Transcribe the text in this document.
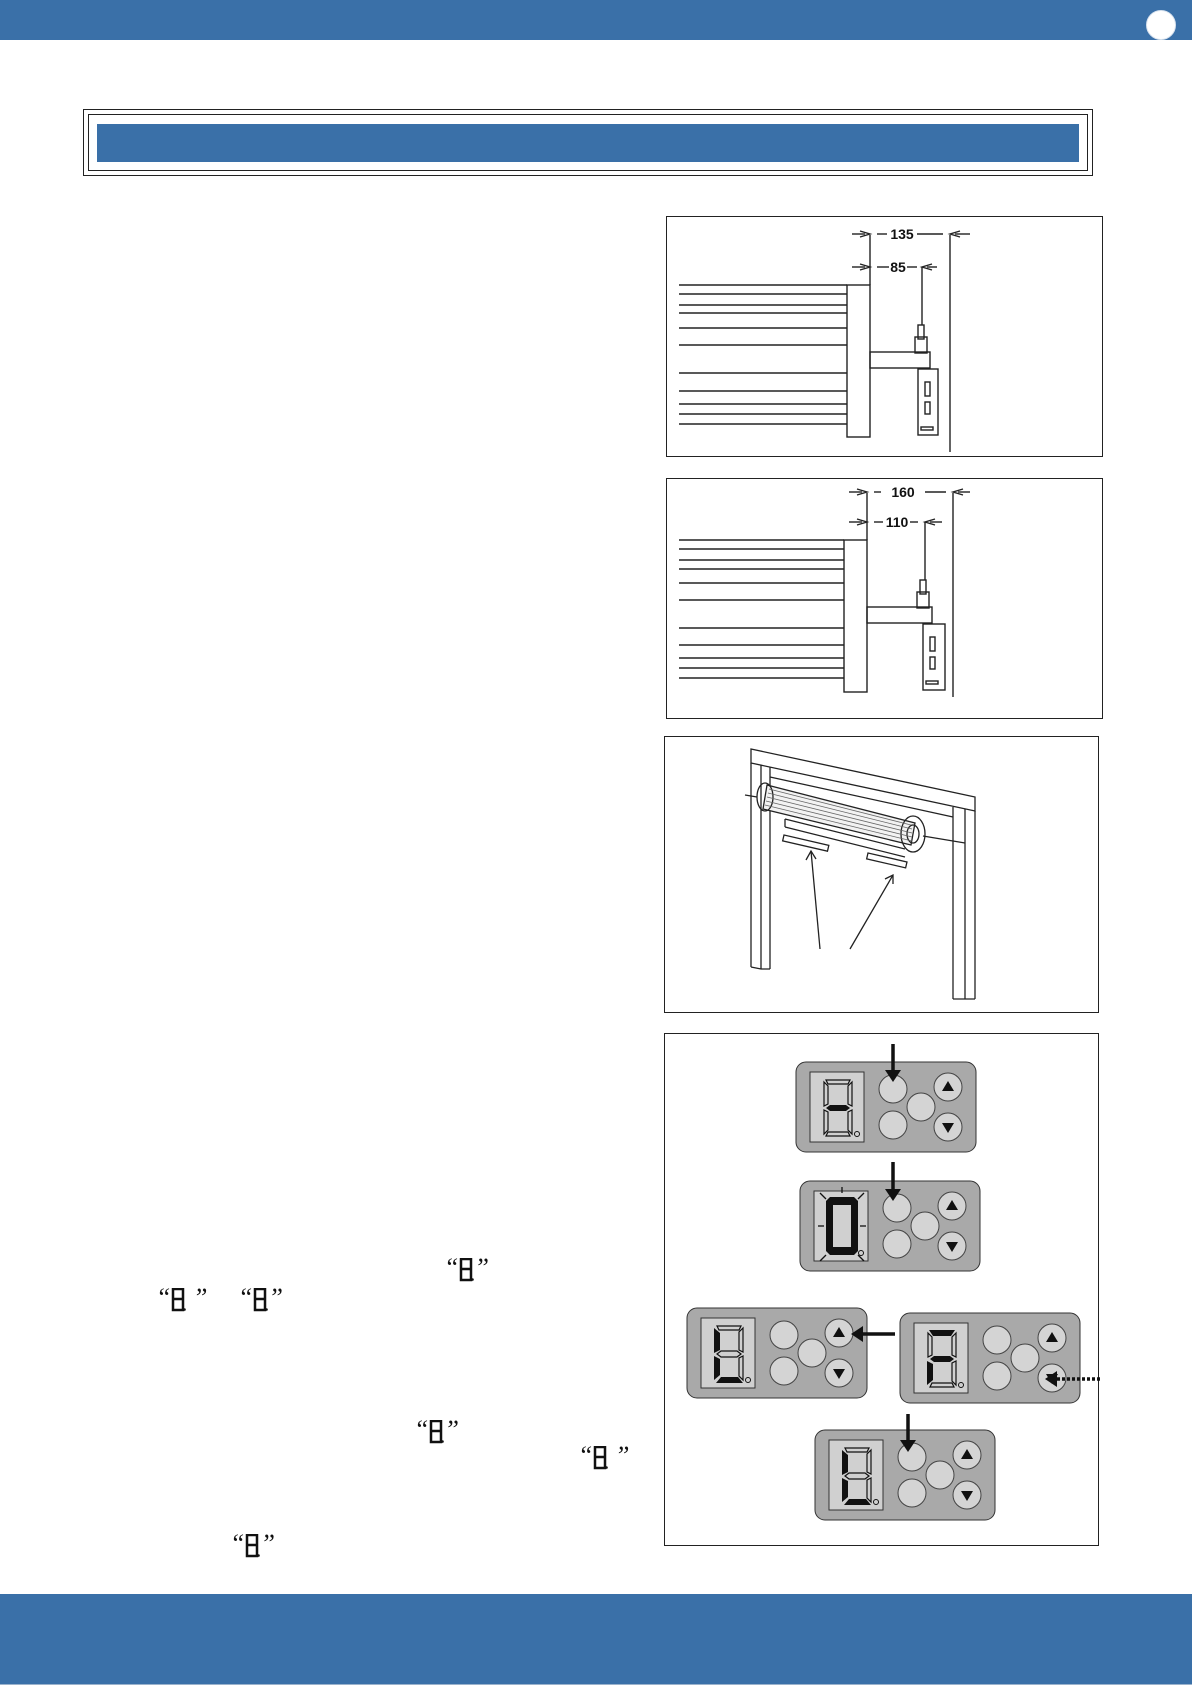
135
85
160
110
-
0
L
r
L
“ ”
“ ” “ ”
“ ”
“ ”
“ ”
